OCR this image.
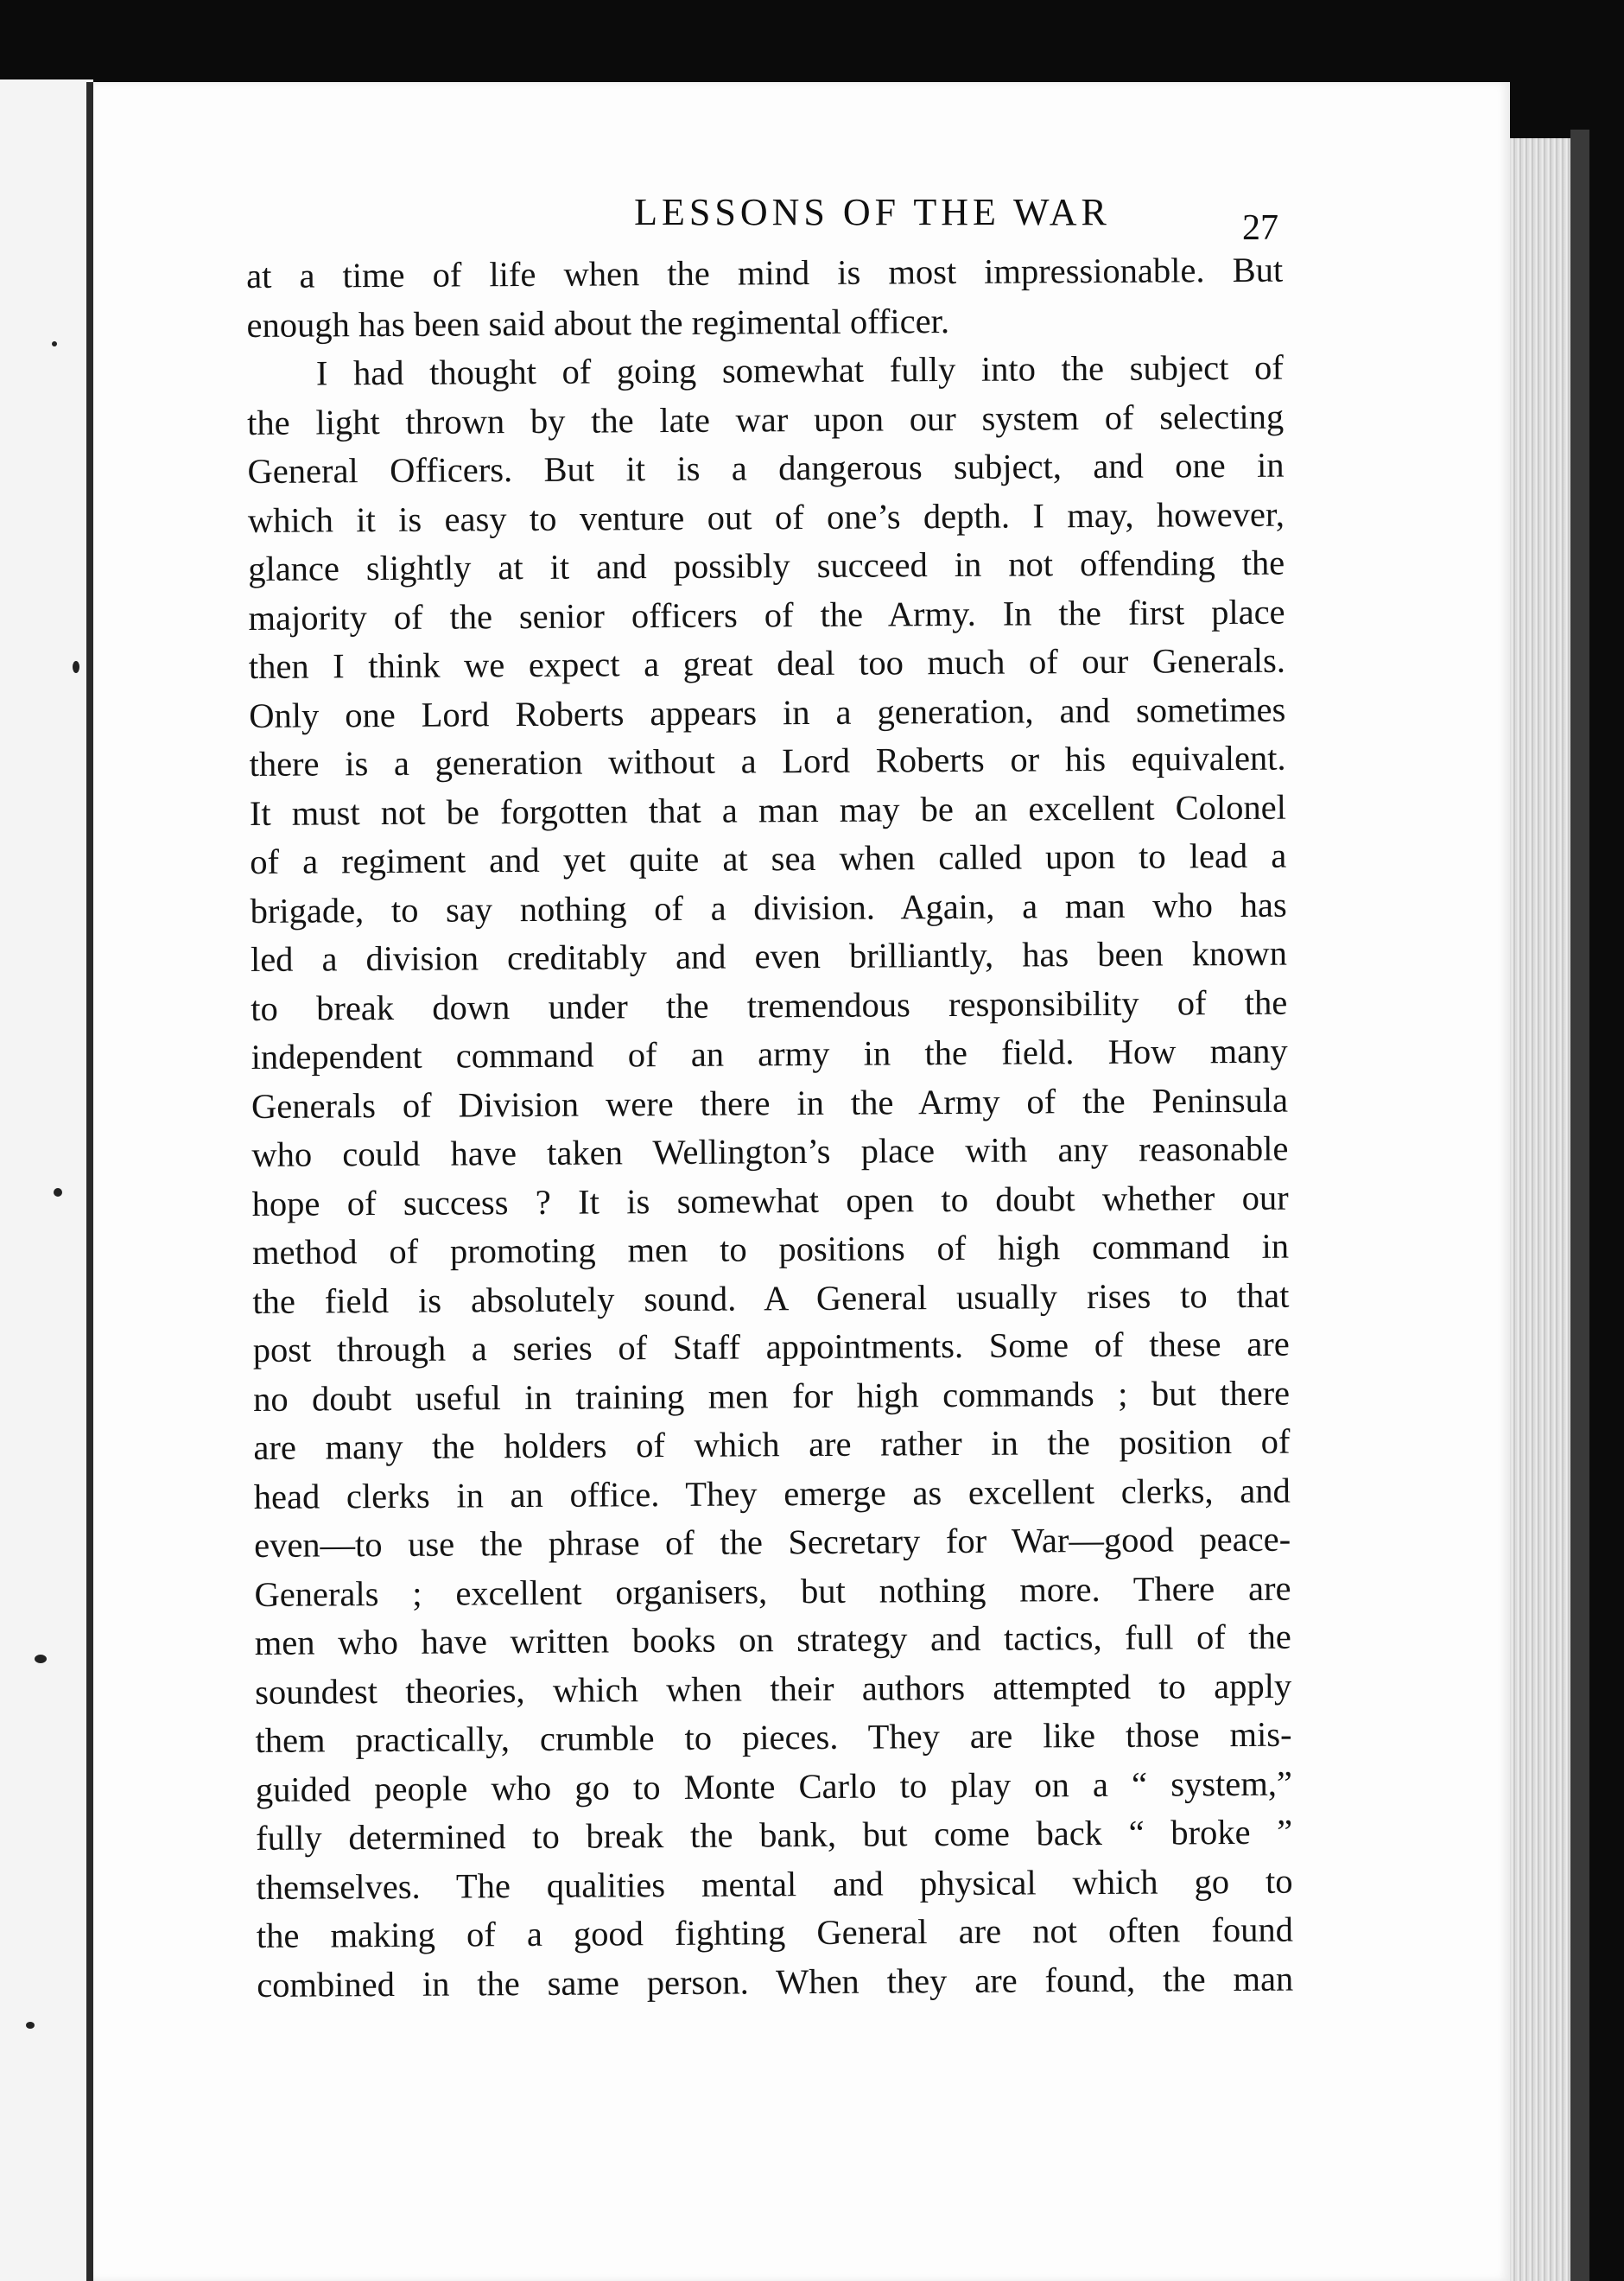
LESSONS OF THE WAR	27
at a time of life when the mind is most impressionable. But
enough has been said about the regimental officer.
I had thought of going somewhat fully into the subject of
the light thrown by the late war upon our system of selecting
General Officers. But it is a dangerous subject, and one in
which it is easy to venture out of one’s depth. I may, however,
glance slightly at it and possibly succeed in not offending the
majority of the senior officers of the Army. In the first place
then I think we expect a great deal too much of our Generals.
Only one Lord Roberts appears in a generation, and sometimes
there is a generation without a Lord Roberts or his equivalent.
It must not be forgotten that a man may be an excellent Colonel
of a regiment and yet quite at sea when called upon to lead a
brigade, to say nothing of a division. Again, a man who has
led a division creditably and even brilliantly, has been known
to break down under the tremendous responsibility of the
independent command of an army in the field. How many
Generals of Division were there in the Army of the Peninsula
who could have taken Wellington’s place with any reasonable
hope of success ? It is somewhat open to doubt whether our
method of promoting men to positions of high command in
the field is absolutely sound. A General usually rises to that
post through a series of Staff appointments. Some of these are
no doubt useful in training men for high commands ; but there
are many the holders of which are rather in the position of
head clerks in an office. They emerge as excellent clerks, and
even—to use the phrase of the Secretary for War—good peace-
Generals ; excellent organisers, but nothing more. There are
men who have written books on strategy and tactics, full of the
soundest theories, which when their authors attempted to apply
them practically, crumble to pieces. They are like those mis-
guided people who go to Monte Carlo to play on a “ system,”
fully determined to break the bank, but come back “ broke ”
themselves. The qualities mental and physical which go to
the making of a good fighting General are not often found
combined in the same person. When they are found, the man
